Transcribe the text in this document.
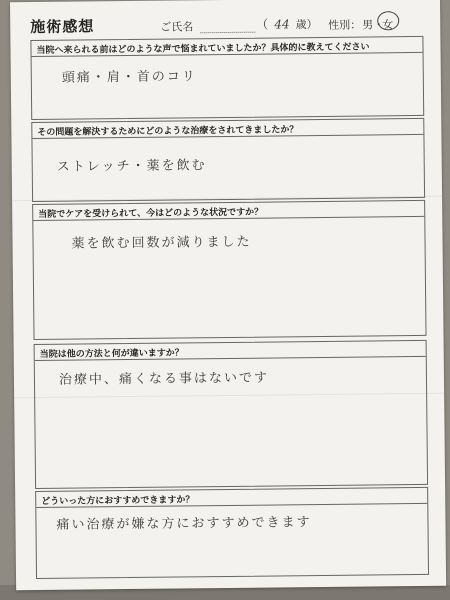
施術感想	ご氏名	（ 44 歳） 性別： 男 ・
女
当院へ来られる前はどのような声で悩まれていましたか？具体的に教えてください
頭痛・肩・首のコリ
その問題を解決するためにどのような治療をされてきましたか？
ストレッチ・薬を飲む
当院でケアを受けられて、今はどのような状況ですか？
薬を飲む回数が減りました
当院は他の方法と何が違いますか？
治療中、痛くなる事はないです
どういった方におすすめできますか？
痛い治療が嫌な方におすすめできます
